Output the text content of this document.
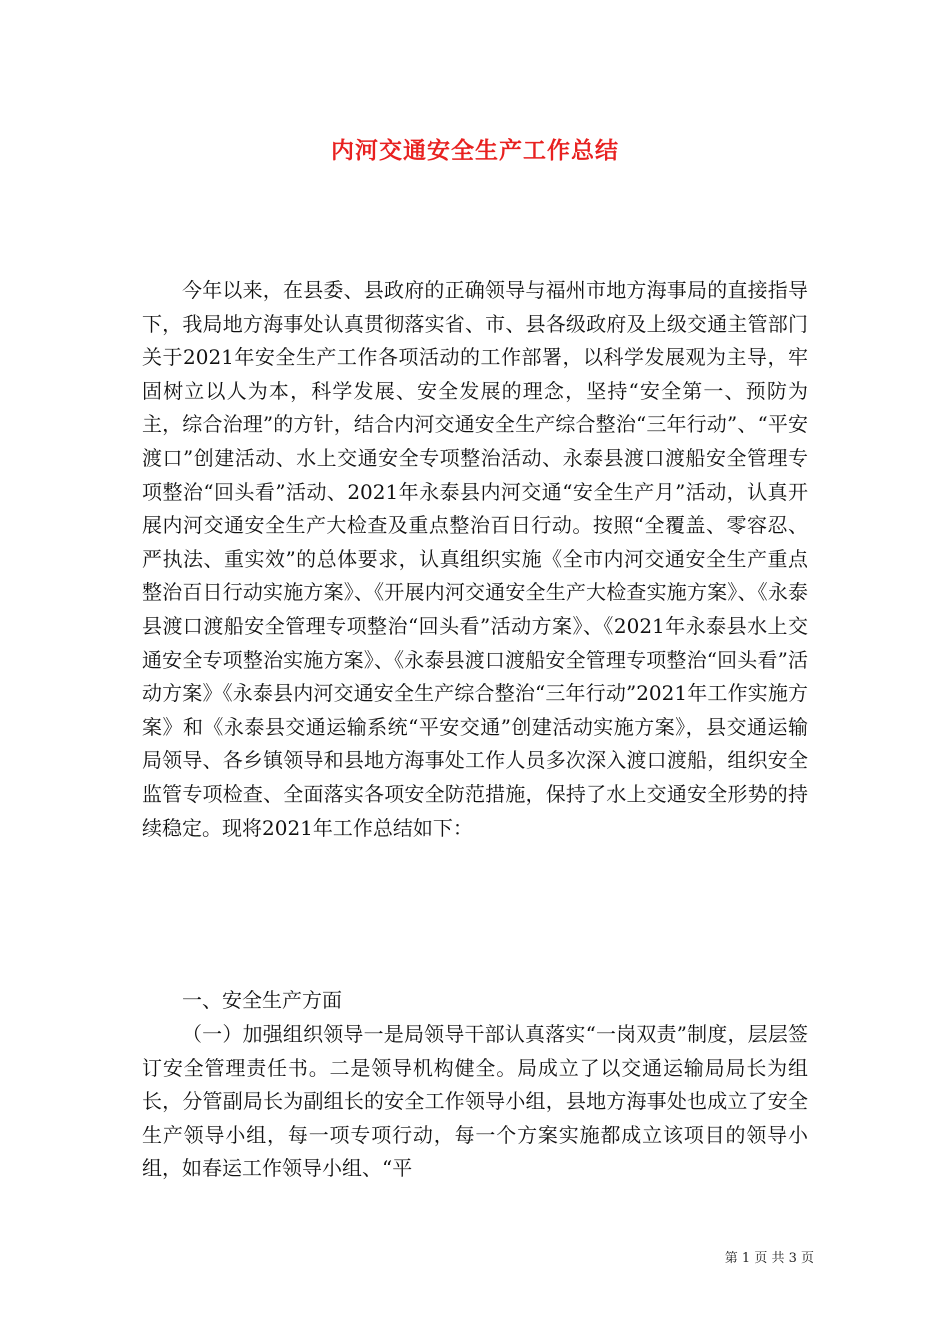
内河交通安全生产工作总结

今年以来，在县委、县政府的正确领导与福州市地方海事局的直接指导下，我局地方海事处认真贯彻落实省、市、县各级政府及上级交通主管部门关于2021年安全生产工作各项活动的工作部署，以科学发展观为主导，牢固树立以人为本，科学发展、安全发展的理念，坚持“安全第一、预防为主，综合治理”的方针，结合内河交通安全生产综合整治“三年行动”、“平安渡口”创建活动、水上交通安全专项整治活动、永泰县渡口渡船安全管理专项整治“回头看”活动、2021年永泰县内河交通“安全生产月”活动，认真开展内河交通安全生产大检查及重点整治百日行动。按照“全覆盖、零容忍、严执法、重实效”的总体要求，认真组织实施《全市内河交通安全生产重点整治百日行动实施方案》、《开展内河交通安全生产大检查实施方案》、《永泰县渡口渡船安全管理专项整治“回头看”活动方案》、《2021年永泰县水上交通安全专项整治实施方案》、《永泰县渡口渡船安全管理专项整治“回头看”活动方案》《永泰县内河交通安全生产综合整治“三年行动”2021年工作实施方案》和《永泰县交通运输系统“平安交通”创建活动实施方案》，县交通运输局领导、各乡镇领导和县地方海事处工作人员多次深入渡口渡船，组织安全监管专项检查、全面落实各项安全防范措施，保持了水上交通安全形势的持续稳定。现将2021年工作总结如下：

一、安全生产方面

（一）加强组织领导一是局领导干部认真落实“一岗双责”制度，层层签订安全管理责任书。二是领导机构健全。局成立了以交通运输局局长为组长，分管副局长为副组长的安全工作领导小组，县地方海事处也成立了安全生产领导小组，每一项专项行动，每一个方案实施都成立该项目的领导小组，如春运工作领导小组、“平

第 1 页 共 3 页
